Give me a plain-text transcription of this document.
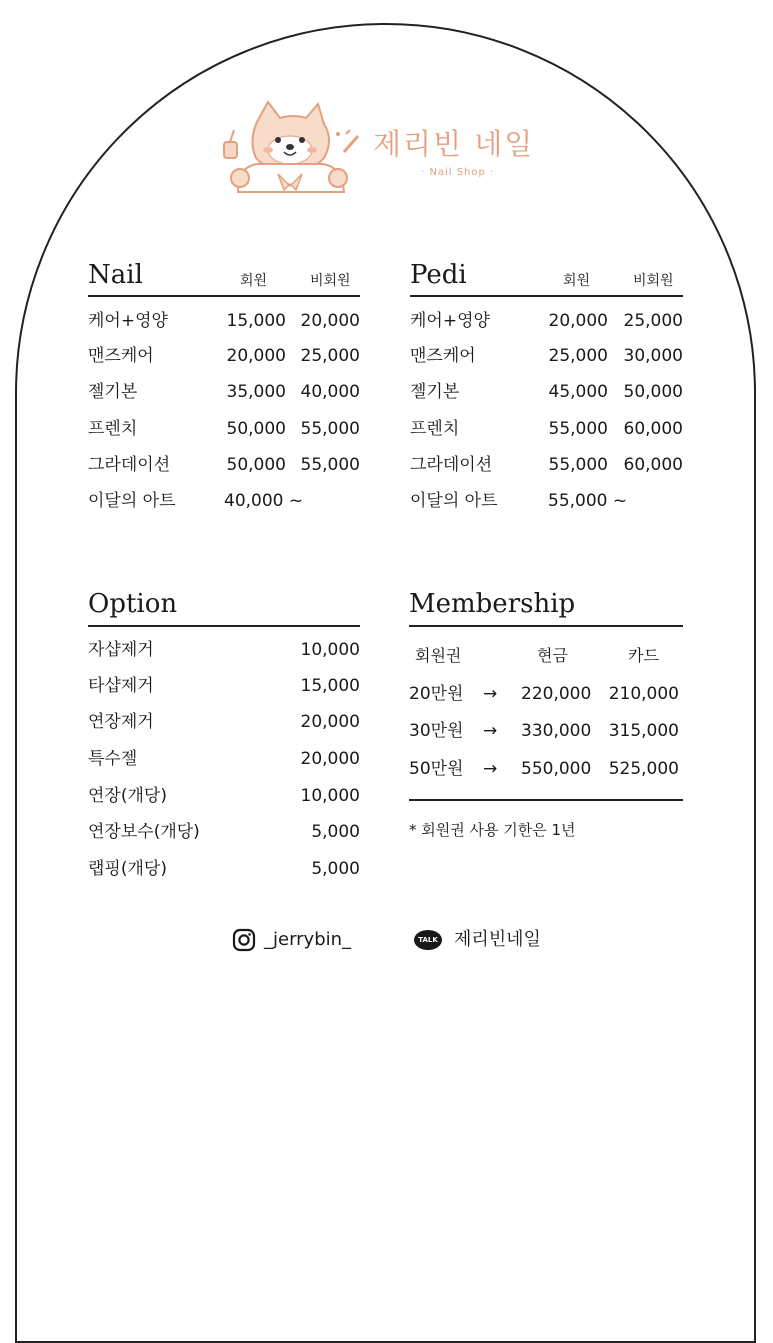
제리빈 네일
· Nail Shop ·
Nail	회원	비회원
케어+영양	15,000 20,000
맨즈케어	20,000 25,000
젤기본	35,000 40,000
프렌치	50,000 55,000
그라데이션	50,000 55,000
이달의 아트	40,000 ~
Pedi	회원	비회원
케어+영양	20,000 25,000
맨즈케어	25,000 30,000
젤기본	45,000 50,000
프렌치	55,000 60,000
그라데이션	55,000 60,000
이달의 아트	55,000 ~
Option
자샵제거	10,000
타샵제거	15,000
연장제거	20,000
특수젤	20,000
연장(개당)	10,000
연장보수(개당)	5,000
랩핑(개당)	5,000
Membership
회원권	현금	카드
20만원 → 220,000 210,000
30만원 → 330,000 315,000
50만원 → 550,000 525,000
* 회원권 사용 기한은 1년
_jerrybin_	TALK 제리빈네일
